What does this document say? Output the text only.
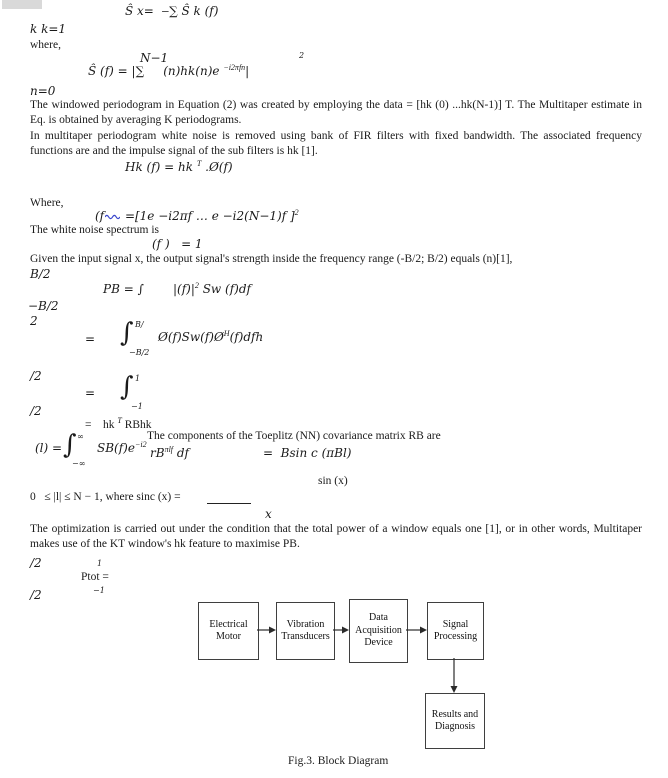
Ŝ x=  ‒∑ Ŝ k (f)
k k=1
where,
N−1	2
Ŝ (f) = |∑     (n)hk(n)e $^{-i2\pi fn}$|
n=0
The windowed periodogram in Equation (2) was created by employing the data = [hk (0) ...hk(N-1)] T. The Multitaper estimate in Eq. is obtained by averaging K periodograms.
In multitaper periodogram white noise is removed using bank of FIR filters with fixed bandwidth. The associated frequency functions are and the impulse signal of the sub filters is hk [1].
Hk (f) = hk $^T$ .Ø(f)
Where,
(f =[1e −i2πf … e −i2(N−1)f ]$^2$
The white noise spectrum is
(f )   = 1
Given the input signal x, the output signal's strength inside the frequency range (-B/2; B/2) equals (n)[1],
B/2
PB = ∫ $|(f)|^2$ Sw (f)df
−B/2
2

=

∫

B/

−B/2

$Ø(f)Sw(f)Ø^H(f)dfh$

/2

=

∫

1

−1

/2
=    hk $^T$ RBhk
The components of the Toeplitz (NN) covariance matrix RB are

(l) =

∫

∞

−∞

$SB(f)e^{-i2}$

$rB^{\pi lf}$ df	=  Bsin c (πBl)
sin (x)
0   ≤ |l| ≤ N − 1, where sinc (x) =
x
The optimization is carried out under the condition that the total power of a window equals one [1], or in other words, Multitaper makes use of the KT window's hk feature to maximise PB.
/2	1
Ptot =
−1
/2
Electrical Motor
Vibration Transducers
Data Acquisition Device
Signal Processing
Results and Diagnosis
Fig.3. Block Diagram
